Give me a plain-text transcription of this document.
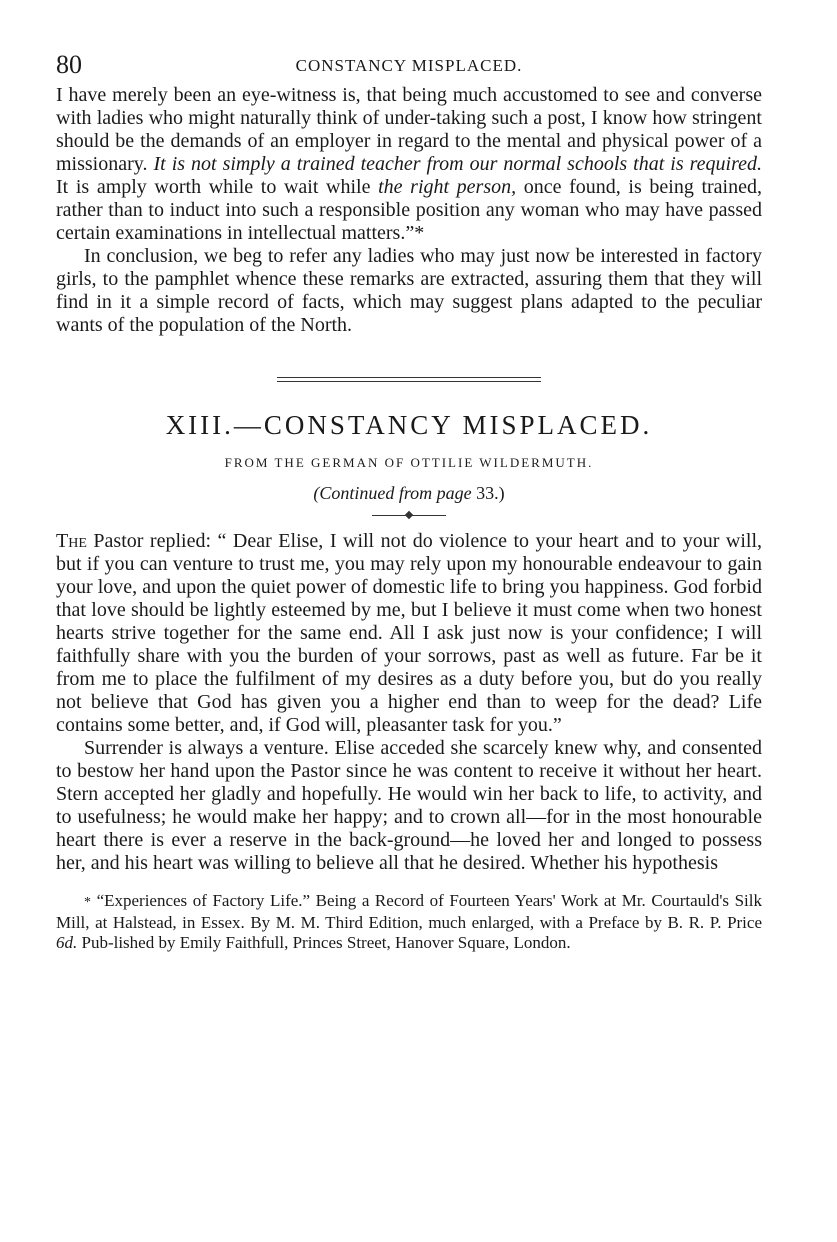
80	CONSTANCY MISPLACED.

I have merely been an eye-witness is, that being much accustomed to see and converse with ladies who might naturally think of under-taking such a post, I know how stringent should be the demands of an employer in regard to the mental and physical power of a missionary. It is not simply a trained teacher from our normal schools that is required. It is amply worth while to wait while the right person, once found, is being trained, rather than to induct into such a responsible position any woman who may have passed certain examinations in intellectual matters.”*

In conclusion, we beg to refer any ladies who may just now be interested in factory girls, to the pamphlet whence these remarks are extracted, assuring them that they will find in it a simple record of facts, which may suggest plans adapted to the peculiar wants of the population of the North.

XIII.—CONSTANCY MISPLACED.

FROM THE GERMAN OF OTTILIE WILDERMUTH.

(Continued from page 33.)

The Pastor replied: “ Dear Elise, I will not do violence to your heart and to your will, but if you can venture to trust me, you may rely upon my honourable endeavour to gain your love, and upon the quiet power of domestic life to bring you happiness. God forbid that love should be lightly esteemed by me, but I believe it must come when two honest hearts strive together for the same end. All I ask just now is your confidence; I will faithfully share with you the burden of your sorrows, past as well as future. Far be it from me to place the fulfilment of my desires as a duty before you, but do you really not believe that God has given you a higher end than to weep for the dead? Life contains some better, and, if God will, pleasanter task for you.”

Surrender is always a venture. Elise acceded she scarcely knew why, and consented to bestow her hand upon the Pastor since he was content to receive it without her heart. Stern accepted her gladly and hopefully. He would win her back to life, to activity, and to usefulness; he would make her happy; and to crown all—for in the most honourable heart there is ever a reserve in the back-ground—he loved her and longed to possess her, and his heart was willing to believe all that he desired. Whether his hypothesis

* “Experiences of Factory Life.” Being a Record of Fourteen Years' Work at Mr. Courtauld's Silk Mill, at Halstead, in Essex. By M. M. Third Edition, much enlarged, with a Preface by B. R. P. Price 6d. Pub-lished by Emily Faithfull, Princes Street, Hanover Square, London.
